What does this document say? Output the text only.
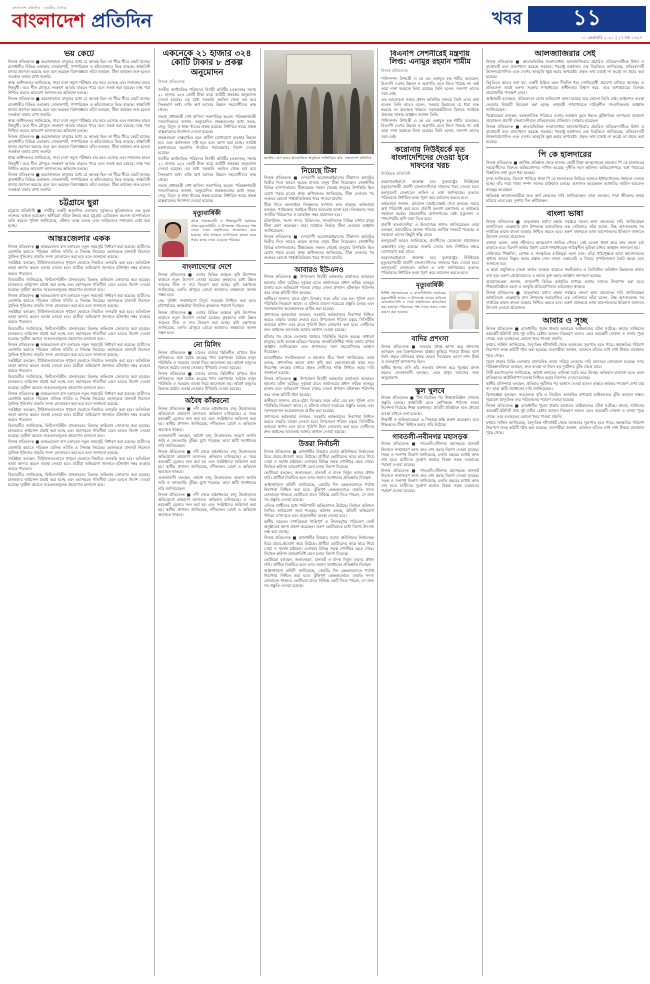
বাংলাদেশ প্রতিদিন · জাতীয় দৈনিক
বাংলাদেশ প্রতিদিন	খবর	১১
১০ ফেব্রুয়ারি ২০২১ | ২৭ মাঘ ১৪২৭
ভয় কেটে

নিজস্ব প্রতিবেদক ■ করোনাকালে মানুষের মধ্যে যে আতঙ্ক ছিল তা ধীরে ধীরে কেটে যাচ্ছে। রাজধানীর বিভিন্ন এলাকায় দোকানপাট, গণপরিবহন ও কাঁচাবাজারে ভিড় বাড়ছে। স্বাস্থ্যবিধি মানার প্রবণতা কমেছে বলে মনে করছেন বিশেষজ্ঞরা। তাঁরা বলছেন, টিকা কার্যক্রম শুরু হলেও সতর্কতা বজায় রাখা জরুরি।

স্বাস্থ্য অধিদফতর জানিয়েছে, সারা দেশে নমুনা পরীক্ষার হার কমে এসেছে এবং শনাক্তের হারও নিম্নমুখী। তবে শীত মৌসুমে সংক্রমণ আবার বাড়তে পারে বলে সতর্ক করা হয়েছে। মাস্ক পরা নিশ্চিত করতে ভ্রাম্যমাণ আদালতের অভিযান চলছে।

নিজস্ব প্রতিবেদক ■ করোনাকালে মানুষের মধ্যে যে আতঙ্ক ছিল তা ধীরে ধীরে কেটে যাচ্ছে। রাজধানীর বিভিন্ন এলাকায় দোকানপাট, গণপরিবহন ও কাঁচাবাজারে ভিড় বাড়ছে। স্বাস্থ্যবিধি মানার প্রবণতা কমেছে বলে মনে করছেন বিশেষজ্ঞরা। তাঁরা বলছেন, টিকা কার্যক্রম শুরু হলেও সতর্কতা বজায় রাখা জরুরি।

স্বাস্থ্য অধিদফতর জানিয়েছে, সারা দেশে নমুনা পরীক্ষার হার কমে এসেছে এবং শনাক্তের হারও নিম্নমুখী। তবে শীত মৌসুমে সংক্রমণ আবার বাড়তে পারে বলে সতর্ক করা হয়েছে। মাস্ক পরা নিশ্চিত করতে ভ্রাম্যমাণ আদালতের অভিযান চলছে।

নিজস্ব প্রতিবেদক ■ করোনাকালে মানুষের মধ্যে যে আতঙ্ক ছিল তা ধীরে ধীরে কেটে যাচ্ছে। রাজধানীর বিভিন্ন এলাকায় দোকানপাট, গণপরিবহন ও কাঁচাবাজারে ভিড় বাড়ছে। স্বাস্থ্যবিধি মানার প্রবণতা কমেছে বলে মনে করছেন বিশেষজ্ঞরা। তাঁরা বলছেন, টিকা কার্যক্রম শুরু হলেও সতর্কতা বজায় রাখা জরুরি।

স্বাস্থ্য অধিদফতর জানিয়েছে, সারা দেশে নমুনা পরীক্ষার হার কমে এসেছে এবং শনাক্তের হারও নিম্নমুখী। তবে শীত মৌসুমে সংক্রমণ আবার বাড়তে পারে বলে সতর্ক করা হয়েছে। মাস্ক পরা নিশ্চিত করতে ভ্রাম্যমাণ আদালতের অভিযান চলছে।

নিজস্ব প্রতিবেদক ■ করোনাকালে মানুষের মধ্যে যে আতঙ্ক ছিল তা ধীরে ধীরে কেটে যাচ্ছে। রাজধানীর বিভিন্ন এলাকায় দোকানপাট, গণপরিবহন ও কাঁচাবাজারে ভিড় বাড়ছে। স্বাস্থ্যবিধি মানার প্রবণতা কমেছে বলে মনে করছেন বিশেষজ্ঞরা। তাঁরা বলছেন, টিকা কার্যক্রম শুরু হলেও সতর্কতা বজায় রাখা জরুরি।

চট্টগ্রামে ছুরা

চট্টগ্রাম প্রতিনিধি ■ নগরীর একটি আবাসিক এলাকায় দুর্বৃত্তদের ছুরিকাঘাতে এক যুবক গুরুতর আহত হয়েছেন। স্থানীয়রা তাঁকে উদ্ধার করে চট্টগ্রাম মেডিকেল কলেজ হাসপাতালে ভর্তি করেন। পুলিশ জানিয়েছে, ঘটনার তদন্ত চলছে এবং জড়িতদের শনাক্তের চেষ্টা করা হচ্ছে।

আন্তঃজেলার একক

নিজস্ব প্রতিবেদক ■ আন্তঃজেলা বাস চলাচলে নতুন সময়সূচি নির্ধারণ করা হয়েছে। যাত্রীদের ভোগান্তি কমাতে পরিবহন মালিক সমিতি এ সিদ্ধান্ত নিয়েছে। মহাসড়কে যানজট নিরসনে ট্রাফিক পুলিশের বাড়তি সদস্য মোতায়েন করা হবে বলে জানানো হয়েছে।

সংশ্লিষ্টরা বলছেন, টার্মিনালগুলোতে শৃঙ্খলা ফেরাতে নিয়মিত তদারকি করা হবে। অতিরিক্ত ভাড়া আদায় করলে ব্যবস্থা নেওয়া হবে। যাত্রীরা অভিযোগ জানাতে হটলাইন নম্বর ব্যবহার করতে পারবেন।

বিআরটিএ জানিয়েছে, ফিটনেসবিহীন যানবাহনের বিরুদ্ধে অভিযান জোরদার করা হয়েছে। চালকদের লাইসেন্স যাচাই করা হচ্ছে এবং মহাসড়কে গতিসীমা মেনে চলতে নির্দেশ দেওয়া হয়েছে। দুর্ঘটনা কমাতে সচেতনতামূলক প্রচারণাও চালানো হবে।

নিজস্ব প্রতিবেদক ■ আন্তঃজেলা বাস চলাচলে নতুন সময়সূচি নির্ধারণ করা হয়েছে। যাত্রীদের ভোগান্তি কমাতে পরিবহন মালিক সমিতি এ সিদ্ধান্ত নিয়েছে। মহাসড়কে যানজট নিরসনে ট্রাফিক পুলিশের বাড়তি সদস্য মোতায়েন করা হবে বলে জানানো হয়েছে।

সংশ্লিষ্টরা বলছেন, টার্মিনালগুলোতে শৃঙ্খলা ফেরাতে নিয়মিত তদারকি করা হবে। অতিরিক্ত ভাড়া আদায় করলে ব্যবস্থা নেওয়া হবে। যাত্রীরা অভিযোগ জানাতে হটলাইন নম্বর ব্যবহার করতে পারবেন।

বিআরটিএ জানিয়েছে, ফিটনেসবিহীন যানবাহনের বিরুদ্ধে অভিযান জোরদার করা হয়েছে। চালকদের লাইসেন্স যাচাই করা হচ্ছে এবং মহাসড়কে গতিসীমা মেনে চলতে নির্দেশ দেওয়া হয়েছে। দুর্ঘটনা কমাতে সচেতনতামূলক প্রচারণাও চালানো হবে।

নিজস্ব প্রতিবেদক ■ আন্তঃজেলা বাস চলাচলে নতুন সময়সূচি নির্ধারণ করা হয়েছে। যাত্রীদের ভোগান্তি কমাতে পরিবহন মালিক সমিতি এ সিদ্ধান্ত নিয়েছে। মহাসড়কে যানজট নিরসনে ট্রাফিক পুলিশের বাড়তি সদস্য মোতায়েন করা হবে বলে জানানো হয়েছে।

সংশ্লিষ্টরা বলছেন, টার্মিনালগুলোতে শৃঙ্খলা ফেরাতে নিয়মিত তদারকি করা হবে। অতিরিক্ত ভাড়া আদায় করলে ব্যবস্থা নেওয়া হবে। যাত্রীরা অভিযোগ জানাতে হটলাইন নম্বর ব্যবহার করতে পারবেন।

বিআরটিএ জানিয়েছে, ফিটনেসবিহীন যানবাহনের বিরুদ্ধে অভিযান জোরদার করা হয়েছে। চালকদের লাইসেন্স যাচাই করা হচ্ছে এবং মহাসড়কে গতিসীমা মেনে চলতে নির্দেশ দেওয়া হয়েছে। দুর্ঘটনা কমাতে সচেতনতামূলক প্রচারণাও চালানো হবে।

নিজস্ব প্রতিবেদক ■ আন্তঃজেলা বাস চলাচলে নতুন সময়সূচি নির্ধারণ করা হয়েছে। যাত্রীদের ভোগান্তি কমাতে পরিবহন মালিক সমিতি এ সিদ্ধান্ত নিয়েছে। মহাসড়কে যানজট নিরসনে ট্রাফিক পুলিশের বাড়তি সদস্য মোতায়েন করা হবে বলে জানানো হয়েছে।

সংশ্লিষ্টরা বলছেন, টার্মিনালগুলোতে শৃঙ্খলা ফেরাতে নিয়মিত তদারকি করা হবে। অতিরিক্ত ভাড়া আদায় করলে ব্যবস্থা নেওয়া হবে। যাত্রীরা অভিযোগ জানাতে হটলাইন নম্বর ব্যবহার করতে পারবেন।

বিআরটিএ জানিয়েছে, ফিটনেসবিহীন যানবাহনের বিরুদ্ধে অভিযান জোরদার করা হয়েছে। চালকদের লাইসেন্স যাচাই করা হচ্ছে এবং মহাসড়কে গতিসীমা মেনে চলতে নির্দেশ দেওয়া হয়েছে। দুর্ঘটনা কমাতে সচেতনতামূলক প্রচারণাও চালানো হবে।

নিজস্ব প্রতিবেদক ■ আন্তঃজেলা বাস চলাচলে নতুন সময়সূচি নির্ধারণ করা হয়েছে। যাত্রীদের ভোগান্তি কমাতে পরিবহন মালিক সমিতি এ সিদ্ধান্ত নিয়েছে। মহাসড়কে যানজট নিরসনে ট্রাফিক পুলিশের বাড়তি সদস্য মোতায়েন করা হবে বলে জানানো হয়েছে।

সংশ্লিষ্টরা বলছেন, টার্মিনালগুলোতে শৃঙ্খলা ফেরাতে নিয়মিত তদারকি করা হবে। অতিরিক্ত ভাড়া আদায় করলে ব্যবস্থা নেওয়া হবে। যাত্রীরা অভিযোগ জানাতে হটলাইন নম্বর ব্যবহার করতে পারবেন।

বিআরটিএ জানিয়েছে, ফিটনেসবিহীন যানবাহনের বিরুদ্ধে অভিযান জোরদার করা হয়েছে। চালকদের লাইসেন্স যাচাই করা হচ্ছে এবং মহাসড়কে গতিসীমা মেনে চলতে নির্দেশ দেওয়া হয়েছে। দুর্ঘটনা কমাতে সচেতনতামূলক প্রচারণাও চালানো হবে।

একনেকে ২১ হাজার ৩২৪ কোটি টাকার ৮ প্রকল্প অনুমোদন
নিজস্ব প্রতিবেদক

জাতীয় অর্থনৈতিক পরিষদের নির্বাহী কমিটির (একনেক) সভায় ২১ হাজার ৩২৪ কোটি টাকা ব্যয়ে আটটি প্রকল্পের অনুমোদন দেওয়া হয়েছে। এর মধ্যে সরকারি তহবিল থেকে ব্যয় হবে সিংহভাগ অর্থ। বাকি অর্থ আসবে উন্নয়ন সহযোগীদের কাছ থেকে।

সভায় প্রধানমন্ত্রী শেখ হাসিনা সভাপতিত্ব করেন। পরিকল্পনামন্ত্রী সাংবাদিকদের জানান, অনুমোদিত প্রকল্পগুলোর মধ্যে সড়ক, সেতু, বিদ্যুৎ ও স্বাস্থ্য খাতের প্রকল্প রয়েছে। নির্ধারিত সময়ে প্রকল্প বাস্তবায়নের নির্দেশনা দেওয়া হয়েছে।

প্রকল্পগুলো বাস্তবায়িত হলে গ্রামীণ যোগাযোগ ব্যবস্থার উন্নয়ন হবে এবং কর্মসংস্থান সৃষ্টি হবে বলে আশা করা হচ্ছে। সংশ্লিষ্ট মন্ত্রণালয়কে অগ্রগতি নিয়মিত পর্যবেক্ষণের নির্দেশ দেওয়া হয়েছে।

জাতীয় অর্থনৈতিক পরিষদের নির্বাহী কমিটির (একনেক) সভায় ২১ হাজার ৩২৪ কোটি টাকা ব্যয়ে আটটি প্রকল্পের অনুমোদন দেওয়া হয়েছে। এর মধ্যে সরকারি তহবিল থেকে ব্যয় হবে সিংহভাগ অর্থ। বাকি অর্থ আসবে উন্নয়ন সহযোগীদের কাছ থেকে।

সভায় প্রধানমন্ত্রী শেখ হাসিনা সভাপতিত্ব করেন। পরিকল্পনামন্ত্রী সাংবাদিকদের জানান, অনুমোদিত প্রকল্পগুলোর মধ্যে সড়ক, সেতু, বিদ্যুৎ ও স্বাস্থ্য খাতের প্রকল্প রয়েছে। নির্ধারিত সময়ে প্রকল্প বাস্তবায়নের নির্দেশনা দেওয়া হয়েছে।

মৃত্যুবার্ষিকী

আজ সমাজসেবী ও শিক্ষানুরাগী মরহুমার প্রথম মৃত্যুবার্ষিকী। এ উপলক্ষে পরিবারের পক্ষ থেকে দোয়া মাহফিলের আয়োজন করা হয়েছে। তাঁর আত্মার মাগফিরাত কামনা করে সবার কাছে দোয়া চেয়েছে পরিবার।

বাংলাদেশের দেশে

নিজস্ব প্রতিবেদক ■ দেশের বিভিন্ন অঞ্চলে কৃষি উৎপাদন বাড়াতে নতুন উদ্যোগ নেওয়া হয়েছে। কৃষকদের মধ্যে উন্নত জাতের বীজ ও সার বিতরণ করা হচ্ছে। কৃষি মন্ত্রণালয় জানিয়েছে, চলতি মৌসুমে বোরো আবাদের লক্ষ্যমাত্রা অর্জন সম্ভব হবে।

সেচ সুবিধা সম্প্রসারণে বিদ্যুৎ সরবরাহ নিশ্চিত করা হবে। মাঠপর্যায়ের কর্মকর্তারা নিয়মিত কৃষকদের পরামর্শ দিচ্ছেন।

নিজস্ব প্রতিবেদক ■ দেশের বিভিন্ন অঞ্চলে কৃষি উৎপাদন বাড়াতে নতুন উদ্যোগ নেওয়া হয়েছে। কৃষকদের মধ্যে উন্নত জাতের বীজ ও সার বিতরণ করা হচ্ছে। কৃষি মন্ত্রণালয় জানিয়েছে, চলতি মৌসুমে বোরো আবাদের লক্ষ্যমাত্রা অর্জন সম্ভব হবে।

নো মিলিং

নিজস্ব প্রতিবেদক ■ চালের বাজার স্থিতিশীল রাখতে মিল মালিকদের সঙ্গে বৈঠক করেছে খাদ্য মন্ত্রণালয়। বৈঠকে মজুদ পরিস্থিতি ও সরবরাহ ব্যবস্থা নিয়ে আলোচনা হয়। অবৈধ মজুদের বিরুদ্ধে কঠোর ব্যবস্থা নেওয়ার হুঁশিয়ারি দেওয়া হয়েছে।

নিজস্ব প্রতিবেদক ■ চালের বাজার স্থিতিশীল রাখতে মিল মালিকদের সঙ্গে বৈঠক করেছে খাদ্য মন্ত্রণালয়। বৈঠকে মজুদ পরিস্থিতি ও সরবরাহ ব্যবস্থা নিয়ে আলোচনা হয়। অবৈধ মজুদের বিরুদ্ধে কঠোর ব্যবস্থা নেওয়ার হুঁশিয়ারি দেওয়া হয়েছে।

অবৈধ কাঁকরনো

নিজস্ব প্রতিবেদক ■ নদী থেকে অবৈধভাবে বালু উত্তোলনের অভিযোগে ভ্রাম্যমাণ আদালত অভিযান চালিয়েছে। এ সময় কয়েকটি ড্রেজার জব্দ করা হয় এবং সংশ্লিষ্টদের জরিমানা করা হয়। স্থানীয় প্রশাসন জানিয়েছে, নদীভাঙন রোধে এ অভিযান অব্যাহত থাকবে।

এলাকাবাসী বলছেন, অবৈধ বালু উত্তোলনের কারণে ফসলি জমি ও বসতবাড়ি ঝুঁকির মুখে পড়েছে। তারা স্থায়ী সমাধানের দাবি জানিয়েছেন।

নিজস্ব প্রতিবেদক ■ নদী থেকে অবৈধভাবে বালু উত্তোলনের অভিযোগে ভ্রাম্যমাণ আদালত অভিযান চালিয়েছে। এ সময় কয়েকটি ড্রেজার জব্দ করা হয় এবং সংশ্লিষ্টদের জরিমানা করা হয়। স্থানীয় প্রশাসন জানিয়েছে, নদীভাঙন রোধে এ অভিযান অব্যাহত থাকবে।

এলাকাবাসী বলছেন, অবৈধ বালু উত্তোলনের কারণে ফসলি জমি ও বসতবাড়ি ঝুঁকির মুখে পড়েছে। তারা স্থায়ী সমাধানের দাবি জানিয়েছেন।

নিজস্ব প্রতিবেদক ■ নদী থেকে অবৈধভাবে বালু উত্তোলনের অভিযোগে ভ্রাম্যমাণ আদালত অভিযান চালিয়েছে। এ সময় কয়েকটি ড্রেজার জব্দ করা হয় এবং সংশ্লিষ্টদের জরিমানা করা হয়। স্থানীয় প্রশাসন জানিয়েছে, নদীভাঙন রোধে এ অভিযান অব্যাহত থাকবে।

জাতীয় প্রেস ক্লাবে আয়োজিত অনুষ্ঠানে অতিথিরা। ছবি: বাংলাদেশ প্রতিদিন

নিয়েছে টিকা

নিজস্ব প্রতিবেদক ■ দেশব্যাপী করোনাভাইরাসের টিকাদান কর্মসূচির দ্বিতীয় দিনে আরও কয়েক হাজার মানুষ টিকা নিয়েছেন। রাজধানীর বিভিন্ন হাসপাতালের টিকাকেন্দ্রে সকাল থেকেই মানুষের উপস্থিতি ছিল চোখে পড়ার মতো। স্বাস্থ্য অধিদফতর জানিয়েছে, টিকা নেওয়ার পর গুরুতর কোনো পার্শ্বপ্রতিক্রিয়ার খবর পাওয়া যায়নি।

টিকা নিতে অনলাইনে নিবন্ধনের সংখ্যাও দ্রুত বাড়ছে। কর্মকর্তারা বলছেন, পর্যায়ক্রমে সবাইকে টিকার আওতায় আনা হবে। নিবন্ধনের সময় জাতীয় পরিচয়পত্র ও মোবাইল নম্বর প্রয়োজন হবে।

মন্ত্রিপরিষদ, সংসদ সদস্য, চিকিৎসক, সাংবাদিকসহ বিভিন্ন পেশার মানুষ টিকা গ্রহণ করেছেন। তারা সবাইকে নির্ভয়ে টিকা নেওয়ার আহ্বান জানিয়েছেন।

নিজস্ব প্রতিবেদক ■ দেশব্যাপী করোনাভাইরাসের টিকাদান কর্মসূচির দ্বিতীয় দিনে আরও কয়েক হাজার মানুষ টিকা নিয়েছেন। রাজধানীর বিভিন্ন হাসপাতালের টিকাকেন্দ্রে সকাল থেকেই মানুষের উপস্থিতি ছিল চোখে পড়ার মতো। স্বাস্থ্য অধিদফতর জানিয়েছে, টিকা নেওয়ার পর গুরুতর কোনো পার্শ্বপ্রতিক্রিয়ার খবর পাওয়া যায়নি।

আবারও ইউএনও

নিজস্ব প্রতিবেদক ■ উপজেলা নির্বাহী কর্মকর্তার কার্যালয়ে আবারও হামলার ঘটনা ঘটেছে। দুর্বৃত্তরা রাতে কার্যালয়ের প্রধান ফটকে ভাঙচুর চালায় বলে অভিযোগ পাওয়া গেছে। জেলা প্রশাসন ঘটনাস্থল পরিদর্শন করে তদন্ত কমিটি গঠন করেছে।

স্থানীয়রা জানান, রাতে হঠাৎ চিৎকার শুনে তাঁরা বের হন। পুলিশ এসে পরিস্থিতি নিয়ন্ত্রণে আনে। এ ঘটনায় মামলা দায়েরের প্রস্তুতি চলছে এবং সন্দেহভাজন কয়েকজনকে আটক করা হয়েছে।

প্রশাসনের কর্মকর্তারা বলছেন, সরকারি কর্মকর্তাদের নিরাপত্তা নিশ্চিত করতে বাড়তি ব্যবস্থা নেওয়া হবে। উপজেলা পরিষদ চত্বরে সিসিটিভি ক্যামেরা স্থাপন এবং রাতে পুলিশি টহল জোরদার করা হবে। দোষীদের দ্রুত আইনের আওতায় আনার আশ্বাস দেওয়া হয়েছে।

ঘটনার পর থেকে এলাকায় থমথমে পরিস্থিতি বিরাজ করছে। সাধারণ মানুষের মধ্যে আতঙ্ক ছড়িয়ে পড়েছে। জনপ্রতিনিধিরা শান্তি বজায় রাখার আহ্বান জানিয়েছেন এবং প্রশাসনের সঙ্গে সহযোগিতার আশ্বাস দিয়েছেন।

মানবাধিকার সংগঠনগুলো এ হামলার তীব্র নিন্দা জানিয়েছে। তারা বলছে, প্রশাসনিক কাজে বাধা সৃষ্টি করা কোনোভাবেই কাম্য নয়। নিরপেক্ষ তদন্তের মাধ্যমে প্রকৃত দোষীদের শাস্তি নিশ্চিত করার দাবি জানানো হয়েছে।

নিজস্ব প্রতিবেদক ■ উপজেলা নির্বাহী কর্মকর্তার কার্যালয়ে আবারও হামলার ঘটনা ঘটেছে। দুর্বৃত্তরা রাতে কার্যালয়ের প্রধান ফটকে ভাঙচুর চালায় বলে অভিযোগ পাওয়া গেছে। জেলা প্রশাসন ঘটনাস্থল পরিদর্শন করে তদন্ত কমিটি গঠন করেছে।

স্থানীয়রা জানান, রাতে হঠাৎ চিৎকার শুনে তাঁরা বের হন। পুলিশ এসে পরিস্থিতি নিয়ন্ত্রণে আনে। এ ঘটনায় মামলা দায়েরের প্রস্তুতি চলছে এবং সন্দেহভাজন কয়েকজনকে আটক করা হয়েছে।

প্রশাসনের কর্মকর্তারা বলছেন, সরকারি কর্মকর্তাদের নিরাপত্তা নিশ্চিত করতে বাড়তি ব্যবস্থা নেওয়া হবে। উপজেলা পরিষদ চত্বরে সিসিটিভি ক্যামেরা স্থাপন এবং রাতে পুলিশি টহল জোরদার করা হবে। দোষীদের দ্রুত আইনের আওতায় আনার আশ্বাস দেওয়া হয়েছে।

উত্তরা নির্বাচনী

নিজস্ব প্রতিবেদক ■ রাজধানীর উত্তরায় ওয়ার্ড কাউন্সিলর নির্বাচনকে ঘিরে প্রচার-প্রচারণা জমে উঠেছে। প্রার্থীরা ভোটারদের দ্বারে দ্বারে গিয়ে দোয়া ও সমর্থন চাইছেন। এলাকার বিভিন্ন সড়ক পোস্টারে ছেয়ে গেছে। নির্বাচন কমিশন আচরণবিধি মেনে চলার নির্দেশ দিয়েছে।

ভোটাররা বলছেন, জলাবদ্ধতা, যানজট ও মাদক নির্মূল তাদের প্রধান দাবি। প্রার্থীরা নির্বাচিত হলে এসব সমস্যা সমাধানের প্রতিশ্রুতি দিচ্ছেন।

আইনশৃঙ্খলা বাহিনী জানিয়েছে, ভোটের দিন কেন্দ্রগুলোতে পর্যাপ্ত নিরাপত্তা নিশ্চিত করা হবে। ঝুঁকিপূর্ণ কেন্দ্রগুলোতে বাড়তি সদস্য মোতায়েন থাকবে। ভোটাররা যাতে নির্বিঘ্নে ভোট দিতে পারেন, সে জন্য সব প্রস্তুতি নেওয়া হয়েছে।

এদিকে প্রার্থীদের মধ্যে পাল্টাপাল্টি অভিযোগও উঠেছে। নির্বাচন কমিশনে লিখিত অভিযোগ জমা পড়েছে। কমিশন বলছে, প্রতিটি অভিযোগ খতিয়ে দেখা হবে এবং প্রয়োজনীয় ব্যবস্থা নেওয়া হবে।

স্থানীয় সচেতন নাগরিকেরা শান্তিপূর্ণ ও উৎসবমুখর পরিবেশে ভোট অনুষ্ঠানের আশা প্রকাশ করেছেন। তরুণ ভোটারদের মধ্যে বিশেষ উৎসাহ লক্ষ করা যাচ্ছে।

নিজস্ব প্রতিবেদক ■ রাজধানীর উত্তরায় ওয়ার্ড কাউন্সিলর নির্বাচনকে ঘিরে প্রচার-প্রচারণা জমে উঠেছে। প্রার্থীরা ভোটারদের দ্বারে দ্বারে গিয়ে দোয়া ও সমর্থন চাইছেন। এলাকার বিভিন্ন সড়ক পোস্টারে ছেয়ে গেছে। নির্বাচন কমিশন আচরণবিধি মেনে চলার নির্দেশ দিয়েছে।

ভোটাররা বলছেন, জলাবদ্ধতা, যানজট ও মাদক নির্মূল তাদের প্রধান দাবি। প্রার্থীরা নির্বাচিত হলে এসব সমস্যা সমাধানের প্রতিশ্রুতি দিচ্ছেন।

আইনশৃঙ্খলা বাহিনী জানিয়েছে, ভোটের দিন কেন্দ্রগুলোতে পর্যাপ্ত নিরাপত্তা নিশ্চিত করা হবে। ঝুঁকিপূর্ণ কেন্দ্রগুলোতে বাড়তি সদস্য মোতায়েন থাকবে। ভোটাররা যাতে নির্বিঘ্নে ভোট দিতে পারেন, সে জন্য সব প্রস্তুতি নেওয়া হয়েছে।

বিএনপি সেশনীরেই মন্ত্রণায় লিপ্ত: এনামুর রহমান শামীম
নিজস্ব প্রতিবেদক

পানিসম্পদ উপমন্ত্রী এ কে এম এনামুল হক শামীম বলেছেন, বিএনপি দেশের উন্নয়ন ও অগ্রগতি মেনে নিতে পারছে না। তাই তারা নানা ষড়যন্ত্রে লিপ্ত রয়েছে। তিনি বলেন, জনগণ তাদের সঙ্গে নেই।

এক আলোচনা সভায় প্রধান অতিথির বক্তব্যে তিনি এসব কথা বলেন। তিনি আরও বলেন, সরকার উন্নয়নের যে ধারা শুরু করেছে তা অব্যাহত থাকবে। ষড়যন্ত্রকারীদের বিরুদ্ধে সবাইকে ঐক্যবদ্ধ থাকার আহ্বান জানান তিনি।

পানিসম্পদ উপমন্ত্রী এ কে এম এনামুল হক শামীম বলেছেন, বিএনপি দেশের উন্নয়ন ও অগ্রগতি মেনে নিতে পারছে না। তাই তারা নানা ষড়যন্ত্রে লিপ্ত রয়েছে। তিনি বলেন, জনগণ তাদের সঙ্গে নেই।

করোনায় নিউইয়র্কে মৃত বাংলাদেশিদের দেওয়া হবে দাফনের খরচ
নিউইয়র্ক প্রতিনিধি

করোনাভাইরাসে আক্রান্ত হয়ে যুক্তরাষ্ট্রের নিউইয়র্কে মৃত্যুবরণকারী প্রবাসী বাংলাদেশিদের দাফনের খরচ দেওয়া হবে। কনস্যুলেট জেনারেল অফিস এ তথ্য জানিয়েছে। মৃতদের পরিবারকে নির্ধারিত ফরম পূরণ করে আবেদন করতে হবে।

কর্মকর্তারা জানান, আবেদন যাচাই-বাছাই শেষে দ্রুততম সময়ে অর্থ পরিশোধ করা হবে। প্রবাসী কল্যাণ মন্ত্রণালয় এ কার্যক্রমে সহায়তা করছে। প্রয়োজনীয় কাগজপত্রের মধ্যে মৃত্যুসনদ ও পাসপোর্টের কপি জমা দিতে হবে।

প্রবাসী বাংলাদেশিরা এ উদ্যোগকে স্বাগত জানিয়েছেন। তারা বলছেন, মহামারীতে অনেক পরিবার আর্থিক সংকটে পড়েছে। এ সহায়তা তাদের কিছুটা স্বস্তি দেবে।

কনস্যুলেট আরও জানিয়েছে, প্রবাসীদের যেকোনো প্রয়োজনে হেল্পলাইন চালু রয়েছে। জরুরি সেবার জন্য নির্ধারিত নম্বরে যোগাযোগ করা যাবে।

করোনাভাইরাসে আক্রান্ত হয়ে যুক্তরাষ্ট্রের নিউইয়র্কে মৃত্যুবরণকারী প্রবাসী বাংলাদেশিদের দাফনের খরচ দেওয়া হবে। কনস্যুলেট জেনারেল অফিস এ তথ্য জানিয়েছে। মৃতদের পরিবারকে নির্ধারিত ফরম পূরণ করে আবেদন করতে হবে।

মৃত্যুবার্ষিকী

বিশিষ্ট সমাজসেবক ও রাজনীতিবিদ মরহুমের মৃত্যুবার্ষিকী আজ। এ উপলক্ষে গ্রামের বাড়িতে কোরআনখানি ও দোয়া মাহফিলের আয়োজন করা হয়েছে। পরিবারের পক্ষ থেকে সবার দোয়া কামনা করা হয়েছে।

বাদির প্রশংসা

নিজস্ব প্রতিবেদক ■ সততার দৃষ্টান্ত স্থাপন করে প্রশংসায় ভাসছেন এক রিকশাচালক। রাস্তায় কুড়িয়ে পাওয়া টাকার ব্যাগ তিনি প্রকৃত মালিকের কাছে ফেরত দিয়েছেন। ব্যাগে নগদ টাকা ও গুরুত্বপূর্ণ কাগজপত্র ছিল।

স্থানীয় থানার ওসি তাঁর সততার প্রশংসা করে পুরস্কার প্রদান করেন। এলাকাবাসী বলছেন, এমন মানুষ সমাজের জন্য অনুপ্রেরণা।

স্কুল খুলবে

নিজস্ব প্রতিবেদক ■ দীর্ঘ বিরতির পর শিক্ষাপ্রতিষ্ঠান খোলার প্রস্তুতি চলছে। স্বাস্থ্যবিধি মেনে শ্রেণিকক্ষে পাঠদান শুরুর নির্দেশনা দিয়েছে শিক্ষা মন্ত্রণালয়। প্রতিটি প্রতিষ্ঠানে হাত ধোয়ার ব্যবস্থা রাখতে বলা হয়েছে।

শিক্ষার্থী ও অভিভাবকেরা এ সিদ্ধান্তে স্বস্তি প্রকাশ করেছেন। তবে শিক্ষকদের টিকা নিশ্চিত করার দাবি উঠেছে।

গাবতলী-নবীনগর মহাসড়ক

নিজস্ব প্রতিবেদক ■ গাবতলী-নবীনগর মহাসড়কে যানজট নিরসনে সম্প্রসারণ কাজ দ্রুত শেষ করার নির্দেশ দেওয়া হয়েছে। সড়ক ও জনপথ বিভাগ জানিয়েছে, চলতি বছরের মধ্যেই কাজ শেষ হবে। যাত্রীদের দুর্ভোগ কমাতে বিকল্প সড়ক ব্যবহারের পরামর্শ দেওয়া হয়েছে।

নিজস্ব প্রতিবেদক ■ গাবতলী-নবীনগর মহাসড়কে যানজট নিরসনে সম্প্রসারণ কাজ দ্রুত শেষ করার নির্দেশ দেওয়া হয়েছে। সড়ক ও জনপথ বিভাগ জানিয়েছে, চলতি বছরের মধ্যেই কাজ শেষ হবে। যাত্রীদের দুর্ভোগ কমাতে বিকল্প সড়ক ব্যবহারের পরামর্শ দেওয়া হয়েছে।

আলজাজিরার সেই

নিজস্ব প্রতিবেদক ■ কাতারভিত্তিক সংবাদমাধ্যম আলজাজিরায় প্রচারিত প্রতিবেদনটিকে মিথ্যা ও বানোয়াট বলে প্রত্যাখ্যান করেছে সরকার। পররাষ্ট্র মন্ত্রণালয় এক বিবৃতিতে জানিয়েছে, প্রতিবেদনটি উদ্দেশ্যপ্রণোদিত এবং দেশের ভাবমূর্তি ক্ষুণ্ণ করার অপচেষ্টা। প্রকৃত তথ্য যাচাই না করেই তা প্রচার করা হয়েছে।

বিবৃতিতে আরও বলা হয়, একটি চিহ্নিত মহল দীর্ঘদিন ধরে দেশবিরোধী প্রচারণা চালিয়ে আসছে। এ প্রতিবেদন তারই অংশ। সরকার গণমাধ্যমের স্বাধীনতায় বিশ্বাস করে, তবে অপপ্রচারের বিরুদ্ধে প্রয়োজনীয় পদক্ষেপ নেবে।

আইনমন্ত্রী বলেছেন, প্রতিবেদনে যেসব অভিযোগ আনা হয়েছে তার কোনো ভিত্তি নেই। আইনগত ব্যবস্থা নেওয়ার বিষয়টি বিবেচনা করা হচ্ছে। তথ্যমন্ত্রী গণমাধ্যমকে দায়িত্বশীল সাংবাদিকতার আহ্বান জানিয়েছেন।

বিশ্লেষকেরা বলছেন, আন্তর্জাতিক পরিসরে দেশের অবস্থান তুলে ধরতে কূটনৈতিক তৎপরতা বাড়ানো প্রয়োজন। প্রবাসী বাংলাদেশিরাও প্রতিবেদনের প্রতিবাদে সোচ্চার হয়েছেন।

নিজস্ব প্রতিবেদক ■ কাতারভিত্তিক সংবাদমাধ্যম আলজাজিরায় প্রচারিত প্রতিবেদনটিকে মিথ্যা ও বানোয়াট বলে প্রত্যাখ্যান করেছে সরকার। পররাষ্ট্র মন্ত্রণালয় এক বিবৃতিতে জানিয়েছে, প্রতিবেদনটি উদ্দেশ্যপ্রণোদিত এবং দেশের ভাবমূর্তি ক্ষুণ্ণ করার অপচেষ্টা। প্রকৃত তথ্য যাচাই না করেই তা প্রচার করা হয়েছে।

পি কে হালদারের

নিজস্ব প্রতিবেদক ■ আর্থিক প্রতিষ্ঠান থেকে হাজার কোটি টাকা আত্মসাতের মামলায় পি কে হালদারের সহযোগীদের বিরুদ্ধে অভিযোগপত্র দাখিল করেছে দুর্নীতি দমন কমিশন। অভিযোগপত্রে অর্থ পাচারের বিস্তারিত তথ্য তুলে ধরা হয়েছে।

দুদক জানিয়েছে, বিদেশে পালিয়ে থাকা পি কে হালদারকে ফিরিয়ে আনতে ইন্টারপোলের সহায়তা নেওয়া হচ্ছে। তাঁর নামে থাকা সম্পদ জব্দের প্রক্রিয়াও চলছে। আদালত কয়েকজন আসামির জামিন আবেদন নামঞ্জুর করেছেন।

ক্ষতিগ্রস্ত আমানতকারীরা দ্রুত অর্থ ফেরতের দাবি জানিয়েছেন। তারা বলছেন, সারা জীবনের সঞ্চয় হারিয়ে তারা চরম দুর্দশায় দিন কাটাচ্ছেন।

বাংলা ভাষা

নিজস্ব প্রতিবেদক ■ মাতৃভাষার মর্যাদা রক্ষায় সর্বস্তরে বাংলা ভাষা প্রচলনের দাবি জানিয়েছেন ভাষাবিদরা। ফেব্রুয়ারি মাস উপলক্ষে আয়োজিত এক সেমিনারে তাঁরা বলেন, উচ্চ আদালতসহ সব দাপ্তরিক কাজে বাংলা ব্যবহার নিশ্চিত করতে হবে। তরুণ প্রজন্মকে ভাষা আন্দোলনের ইতিহাস জানাতে উদ্যোগ নেওয়া প্রয়োজন।

বক্তারা বলেন, ভাষা শহীদদের আত্মত্যাগ জাতির গৌরব। সেই চেতনা ধারণ করে শুদ্ধ বাংলা চর্চা বাড়াতে হবে। বিদেশি ভাষার মিশ্রণ রোধে গণমাধ্যমকে দায়িত্বশীল ভূমিকা রাখার আহ্বান জানানো হয়।

সেমিনারে শিক্ষাবিদ, লেখক ও সাংস্কৃতিক ব্যক্তিত্বরা অংশ নেন। তাঁরা পাঠ্যপুস্তকে ভাষা আন্দোলনের অধ্যায় আরও বিস্তৃত করার প্রস্তাব দেন। বাংলা একাডেমি এ বিষয়ে সুপারিশমালা তৈরি করবে বলে জানানো হয়।

এ ছাড়া প্রযুক্তিতে বাংলা ভাষার ব্যবহার বাড়াতে সফটওয়্যার ও ডিজিটাল অভিধান উন্নয়নের কথাও বলা হয়। তরুণ প্রোগ্রামারদের এ কাজে যুক্ত করার আহ্বান জানানো হয়েছে।

আয়োজকেরা জানান, মাসব্যাপী বিভিন্ন কর্মসূচির মাধ্যমে ভাষার মাসকে উদযাপন করা হবে। শিক্ষাপ্রতিষ্ঠানে রচনা ও আবৃত্তি প্রতিযোগিতার আয়োজন থাকবে।

নিজস্ব প্রতিবেদক ■ মাতৃভাষার মর্যাদা রক্ষায় সর্বস্তরে বাংলা ভাষা প্রচলনের দাবি জানিয়েছেন ভাষাবিদরা। ফেব্রুয়ারি মাস উপলক্ষে আয়োজিত এক সেমিনারে তাঁরা বলেন, উচ্চ আদালতসহ সব দাপ্তরিক কাজে বাংলা ব্যবহার নিশ্চিত করতে হবে। তরুণ প্রজন্মকে ভাষা আন্দোলনের ইতিহাস জানাতে উদ্যোগ নেওয়া প্রয়োজন।

আবার ও সূচ্ছ

নিজস্ব প্রতিবেদক ■ রাজধানীর পুরান ঢাকায় আবারও অগ্নিকাণ্ডের ঘটনা ঘটেছে। ফায়ার সার্ভিসের কয়েকটি ইউনিট প্রায় দুই ঘণ্টার চেষ্টায় আগুন নিয়ন্ত্রণে আনে। এতে কয়েকটি দোকান ও গুদাম পুড়ে গেছে। তবে হতাহতের কোনো খবর পাওয়া যায়নি।

ফায়ার সার্ভিস জানিয়েছে, বৈদ্যুতিক শর্টসার্কিট থেকে আগুনের সূত্রপাত হতে পারে। ক্ষয়ক্ষতির পরিমাণ নিরূপণে তদন্ত কমিটি গঠন করা হয়েছে। ব্যবসায়ীরা জানান, আগুনে তাঁদের লাখ লাখ টাকার মালামাল পুড়ে গেছে।

পুরান ঢাকার ঘিঞ্জি এলাকায় রাসায়নিক গুদাম সরিয়ে নেওয়ার দাবি আবারও জোরালো হয়েছে। নগর পরিকল্পনাবিদরা বলছেন, দ্রুত ব্যবস্থা না নিলে বড় দুর্ঘটনার ঝুঁকি থেকে যাবে।

সিটি করপোরেশন জানিয়েছে, অবৈধ গুদামের তালিকা তৈরি করে উচ্ছেদ অভিযান চালানো হবে। ভবন মালিকদের অগ্নিনির্বাপণ ব্যবস্থা নিশ্চিত করার নির্দেশও দেওয়া হয়েছে।

স্থানীয় বাসিন্দারা বলছেন, প্রতিবার দুর্ঘটনার পর আশ্বাস দেওয়া হলেও বাস্তবে কার্যকর পদক্ষেপ দেখা যায় না। তারা স্থায়ী সমাধানের দাবি জানিয়েছেন।

বিশেষজ্ঞরা বলছেন, সচেতনতা বৃদ্ধি ও নিয়মিত তদারকির মাধ্যমেই অগ্নিকাণ্ডের ঝুঁকি কমানো সম্ভব। পুরোনো বৈদ্যুতিক তার পরিবর্তনের পরামর্শ দেওয়া হয়েছে।

নিজস্ব প্রতিবেদক ■ রাজধানীর পুরান ঢাকায় আবারও অগ্নিকাণ্ডের ঘটনা ঘটেছে। ফায়ার সার্ভিসের কয়েকটি ইউনিট প্রায় দুই ঘণ্টার চেষ্টায় আগুন নিয়ন্ত্রণে আনে। এতে কয়েকটি দোকান ও গুদাম পুড়ে গেছে। তবে হতাহতের কোনো খবর পাওয়া যায়নি।

ফায়ার সার্ভিস জানিয়েছে, বৈদ্যুতিক শর্টসার্কিট থেকে আগুনের সূত্রপাত হতে পারে। ক্ষয়ক্ষতির পরিমাণ নিরূপণে তদন্ত কমিটি গঠন করা হয়েছে। ব্যবসায়ীরা জানান, আগুনে তাঁদের লাখ লাখ টাকার মালামাল পুড়ে গেছে।
